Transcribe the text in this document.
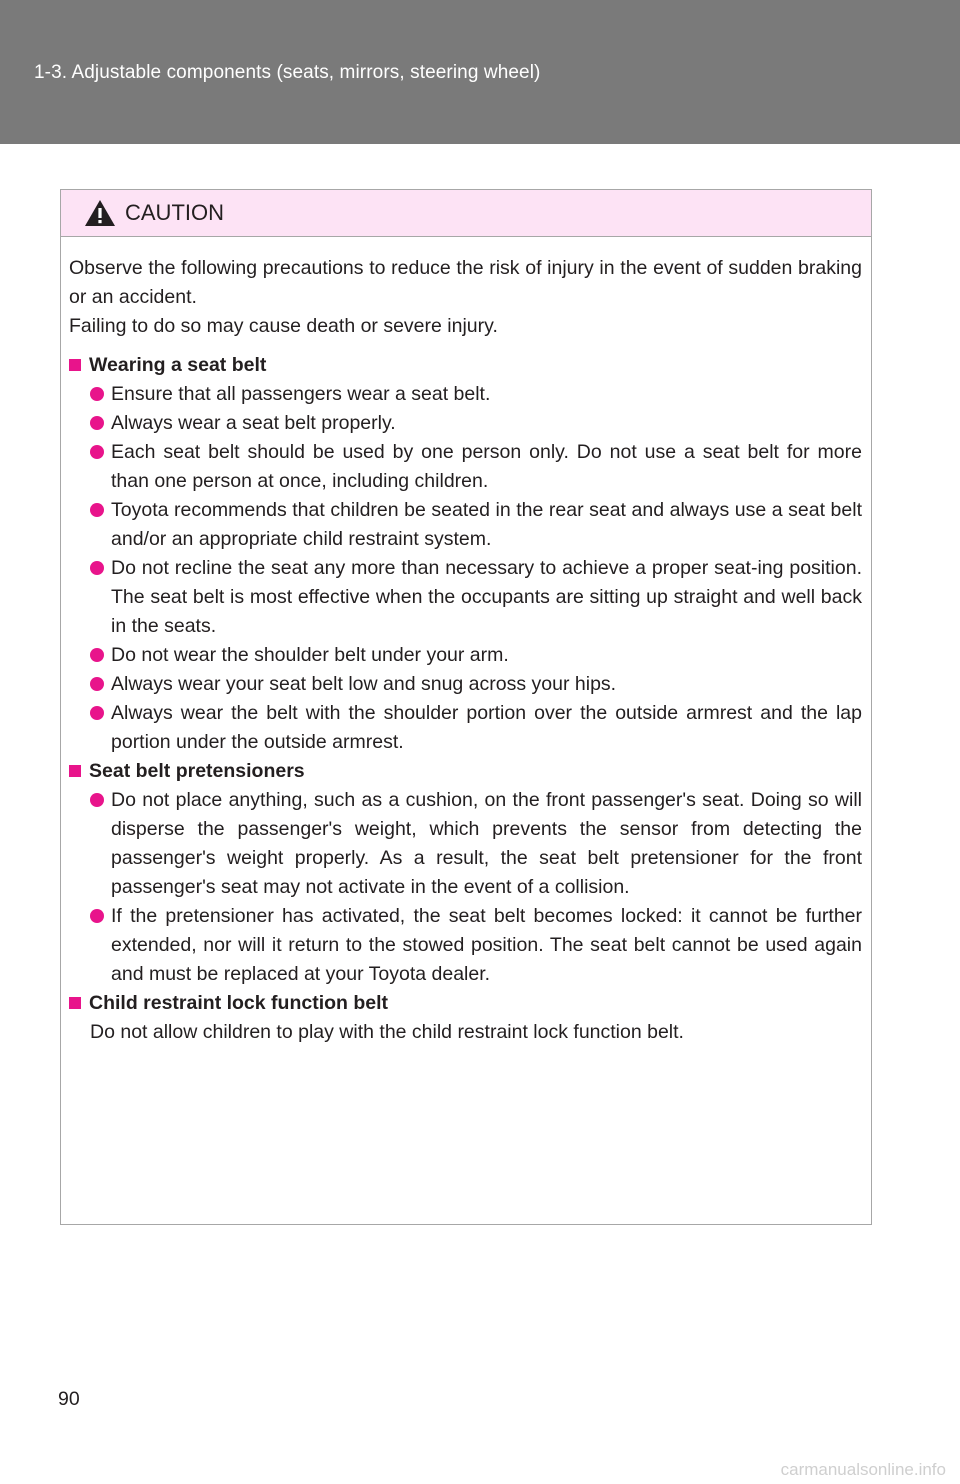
1-3. Adjustable components (seats, mirrors, steering wheel)
CAUTION

Observe the following precautions to reduce the risk of injury in the event of sudden braking or an accident.

Failing to do so may cause death or severe injury.

Wearing a seat belt

Ensure that all passengers wear a seat belt.

Always wear a seat belt properly.

Each seat belt should be used by one person only. Do not use a seat belt for more than one person at once, including children.

Toyota recommends that children be seated in the rear seat and always use a seat belt and/or an appropriate child restraint system.

Do not recline the seat any more than necessary to achieve a proper seat-ing position. The seat belt is most effective when the occupants are sitting up straight and well back in the seats.

Do not wear the shoulder belt under your arm.

Always wear your seat belt low and snug across your hips.

Always wear the belt with the shoulder portion over the outside armrest and the lap portion under the outside armrest.

Seat belt pretensioners

Do not place anything, such as a cushion, on the front passenger's seat. Doing so will disperse the passenger's weight, which prevents the sensor from detecting the passenger's weight properly. As a result, the seat belt pretensioner for the front passenger's seat may not activate in the event of a collision.

If the pretensioner has activated, the seat belt becomes locked: it cannot be further extended, nor will it return to the stowed position. The seat belt cannot be used again and must be replaced at your Toyota dealer.

Child restraint lock function belt

Do not allow children to play with the child restraint lock function belt.

90
carmanualsonline.info
